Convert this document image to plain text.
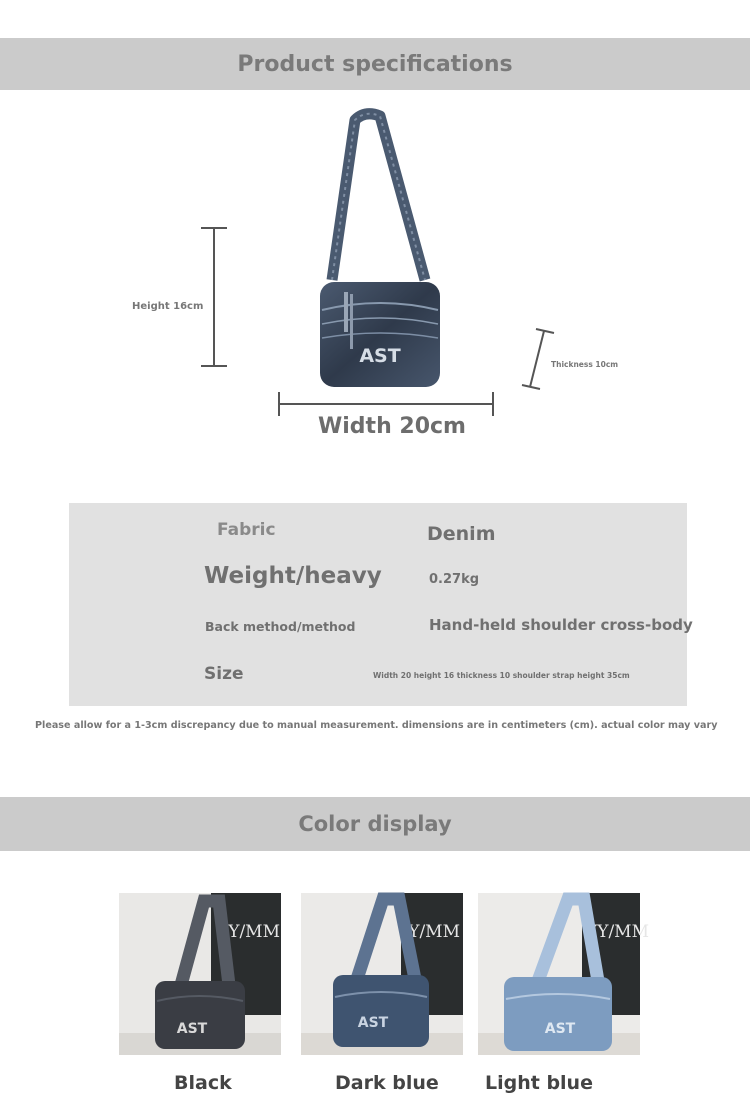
Product specifications
AST
Height 16cm
Thickness 10cm
Width 20cm
Fabric	Denim
Weight/heavy	0.27kg
Back method/method	Hand-held shoulder cross-body
Size	Width 20 height 16 thickness 10 shoulder strap height 35cm
Please allow for a 1-3cm discrepancy due to manual measurement. dimensions are in centimeters (cm). actual color may vary
Color display
YY/MM
AST
Black
YY/MM
AST
Dark blue
YY/MM
AST
Light blue
